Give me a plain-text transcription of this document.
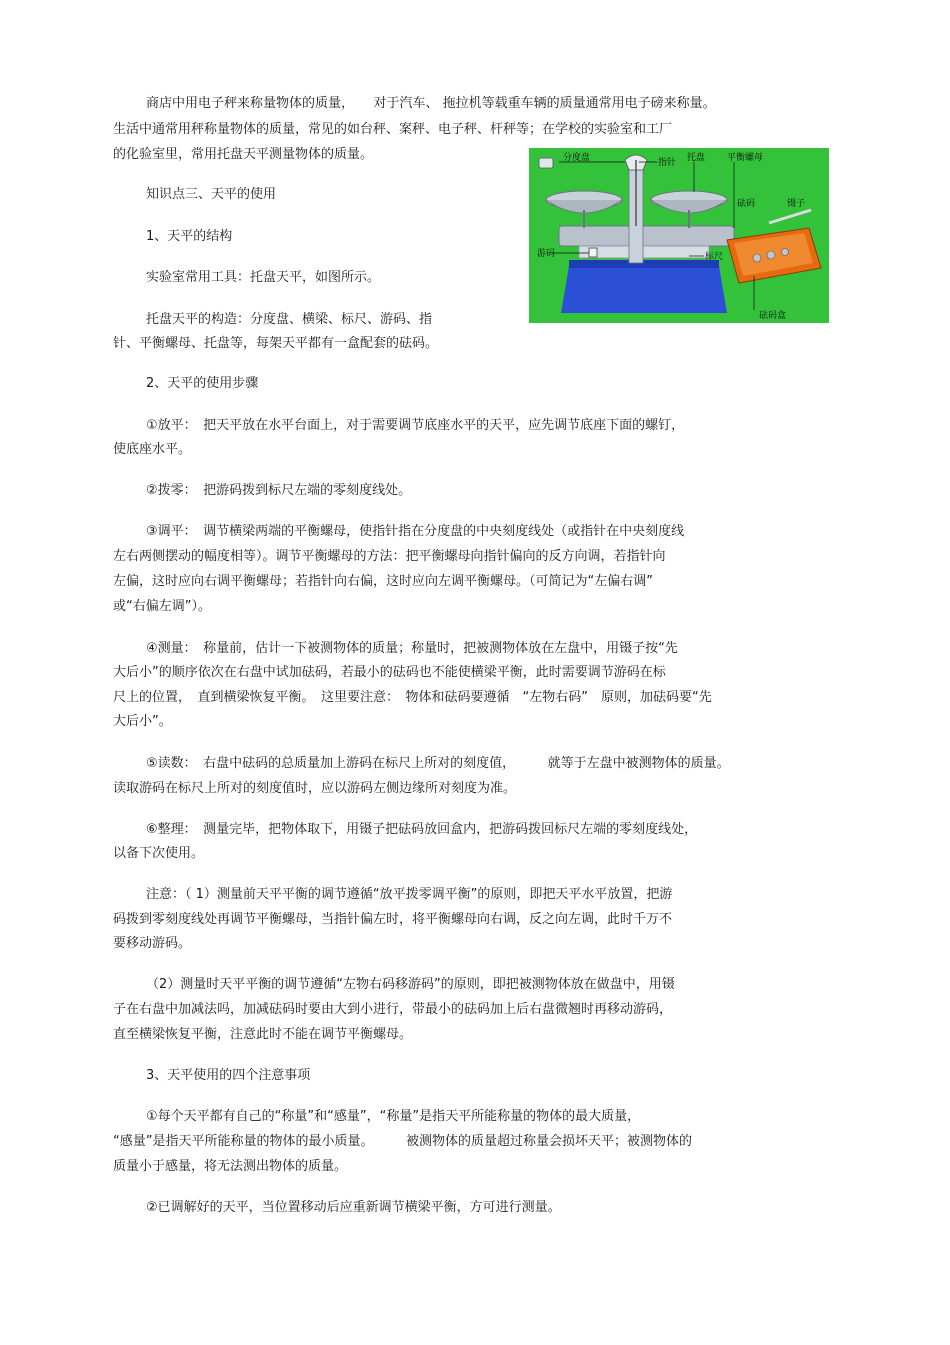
商店中用电子秤来称量物体的质量，　　对于汽车、 拖拉机等载重车辆的质量通常用电子磅来称量。
生活中通常用秤称量物体的质量，常见的如台秤、案秤、电子秤、杆秤等；在学校的实验室和工厂
的化验室里，常用托盘天平测量物体的质量。
知识点三、天平的使用
1、天平的结构
实验室常用工具：托盘天平，如图所示。
托盘天平的构造：分度盘、横梁、标尺、游码、指
针、平衡螺母、托盘等，每架天平都有一盒配套的砝码。
2、天平的使用步骤
①放平：　把天平放在水平台面上，对于需要调节底座水平的天平，应先调节底座下面的螺钉，
使底座水平。
②拨零：　把游码拨到标尺左端的零刻度线处。
③调平：　调节横梁两端的平衡螺母，使指针指在分度盘的中央刻度线处（或指针在中央刻度线
左右两侧摆动的幅度相等）。调节平衡螺母的方法：把平衡螺母向指针偏向的反方向调，若指针向
左偏，这时应向右调平衡螺母；若指针向右偏，这时应向左调平衡螺母。（可简记为“左偏右调”
或“右偏左调”）。
④测量：　称量前，估计一下被测物体的质量；称量时，把被测物体放在左盘中，用镊子按“先
大后小”的顺序依次在右盘中试加砝码，若最小的砝码也不能使横梁平衡，此时需要调节游码在标
尺上的位置，　直到横梁恢复平衡。　这里要注意：　物体和砝码要遵循　“左物右码”　原则，加砝码要“先
大后小”。
⑤读数：　右盘中砝码的总质量加上游码在标尺上所对的刻度值，　　　就等于左盘中被测物体的质量。
读取游码在标尺上所对的刻度值时，应以游码左侧边缘所对刻度为准。
⑥整理：　测量完毕，把物体取下，用镊子把砝码放回盒内，把游码拨回标尺左端的零刻度线处，
以备下次使用。
注意：（ 1）测量前天平平衡的调节遵循“放平拨零调平衡”的原则，即把天平水平放置，把游
码拨到零刻度线处再调节平衡螺母，当指针偏左时，将平衡螺母向右调，反之向左调，此时千万不
要移动游码。
（2）测量时天平平衡的调节遵循“左物右码移游码”的原则，即把被测物体放在做盘中，用镊
子在右盘中加减法吗，加减砝码时要由大到小进行，带最小的砝码加上后右盘微翘时再移动游码，
直至横梁恢复平衡，注意此时不能在调节平衡螺母。
3、天平使用的四个注意事项
①每个天平都有自己的“称量”和“感量”，“称量”是指天平所能称量的物体的最大质量，
“感量”是指天平所能称量的物体的最小质量。　　　被测物体的质量超过称量会损坏天平；被测物体的
质量小于感量，将无法测出物体的质量。
②已调解好的天平，当位置移动后应重新调节横梁平衡，方可进行测量。
分度盘	指针 托盘 平衡螺母
砝码	镊子
游码	标尺
砝码盒
